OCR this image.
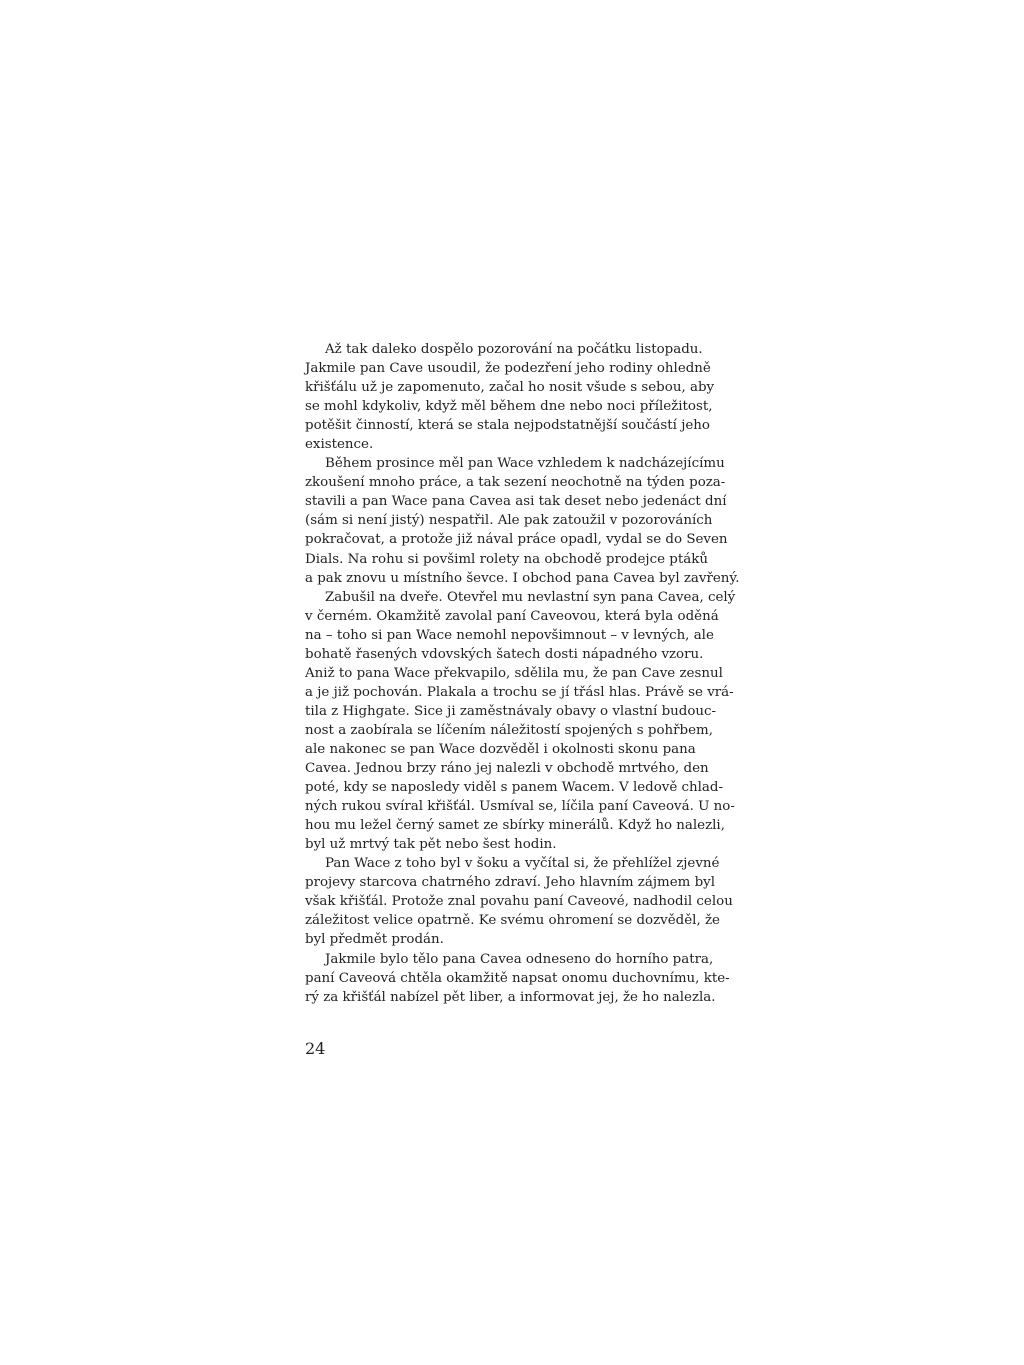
Až tak daleko dospělo pozorování na počátku listopadu.
Jakmile pan Cave usoudil, že podezření jeho rodiny ohledně
křišťálu už je zapomenuto, začal ho nosit všude s sebou, aby
se mohl kdykoliv, když měl během dne nebo noci příležitost,
potěšit činností, která se stala nejpodstatnější součástí jeho
existence.

Během prosince měl pan Wace vzhledem k nadcházejícímu
zkoušení mnoho práce, a tak sezení neochotně na týden poza-
stavili a pan Wace pana Cavea asi tak deset nebo jedenáct dní
(sám si není jistý) nespatřil. Ale pak zatoužil v pozorováních
pokračovat, a protože již nával práce opadl, vydal se do Seven
Dials. Na rohu si povšiml rolety na obchodě prodejce ptáků
a pak znovu u místního ševce. I obchod pana Cavea byl zavřený.

Zabušil na dveře. Otevřel mu nevlastní syn pana Cavea, celý
v černém. Okamžitě zavolal paní Caveovou, která byla oděná
na – toho si pan Wace nemohl nepovšimnout – v levných, ale
bohatě řasených vdovských šatech dosti nápadného vzoru.
Aniž to pana Wace překvapilo, sdělila mu, že pan Cave zesnul
a je již pochován. Plakala a trochu se jí třásl hlas. Právě se vrá-
tila z Highgate. Sice ji zaměstnávaly obavy o vlastní budouc-
nost a zaobírala se líčením náležitostí spojených s pohřbem,
ale nakonec se pan Wace dozvěděl i okolnosti skonu pana
Cavea. Jednou brzy ráno jej nalezli v obchodě mrtvého, den
poté, kdy se naposledy viděl s panem Wacem. V ledově chlad-
ných rukou svíral křišťál. Usmíval se, líčila paní Caveová. U no-
hou mu ležel černý samet ze sbírky minerálů. Když ho nalezli,
byl už mrtvý tak pět nebo šest hodin.

Pan Wace z toho byl v šoku a vyčítal si, že přehlížel zjevné
projevy starcova chatrného zdraví. Jeho hlavním zájmem byl
však křišťál. Protože znal povahu paní Caveové, nadhodil celou
záležitost velice opatrně. Ke svému ohromení se dozvěděl, že
byl předmět prodán.

Jakmile bylo tělo pana Cavea odneseno do horního patra,
paní Caveová chtěla okamžitě napsat onomu duchovnímu, kte-
rý za křišťál nabízel pět liber, a informovat jej, že ho nalezla.

24
